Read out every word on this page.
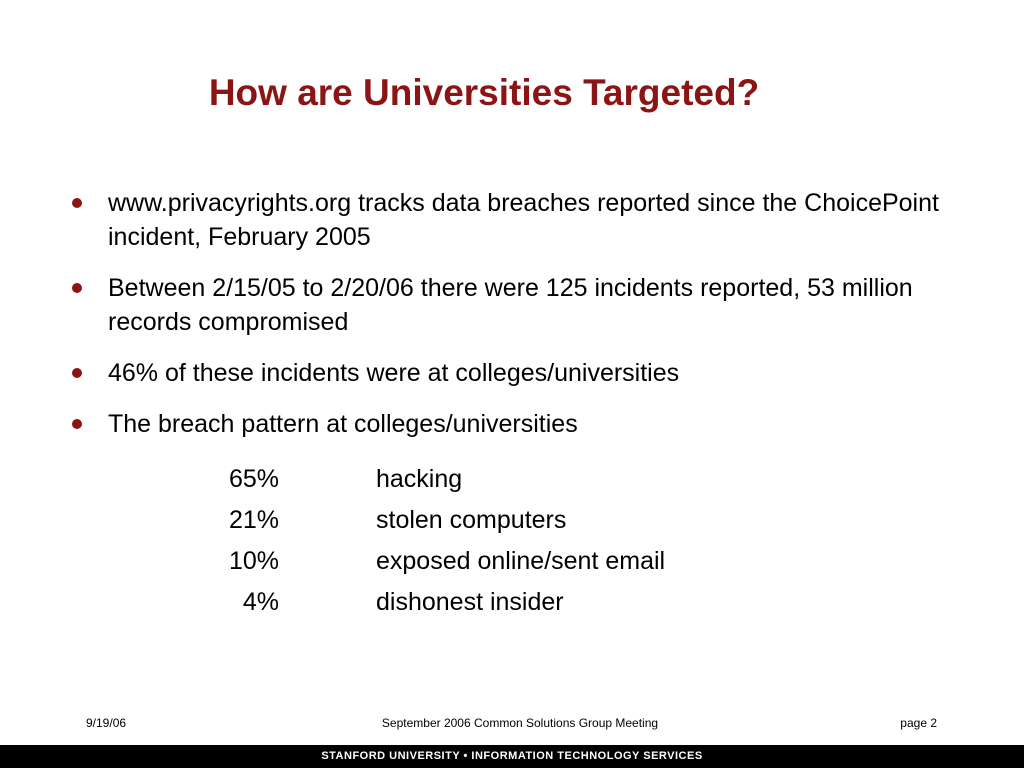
How are Universities Targeted?
www.privacyrights.org tracks data breaches reported since the ChoicePoint incident, February 2005
Between 2/15/05 to 2/20/06 there were 125 incidents reported, 53 million records compromised
46% of these incidents were at colleges/universities
The breach pattern at colleges/universities
65%	hacking
21%	stolen computers
10%	exposed online/sent email
4%	dishonest insider
September 2006 Common Solutions Group Meeting
9/19/06	page 2
STANFORD UNIVERSITY • INFORMATION TECHNOLOGY SERVICES
